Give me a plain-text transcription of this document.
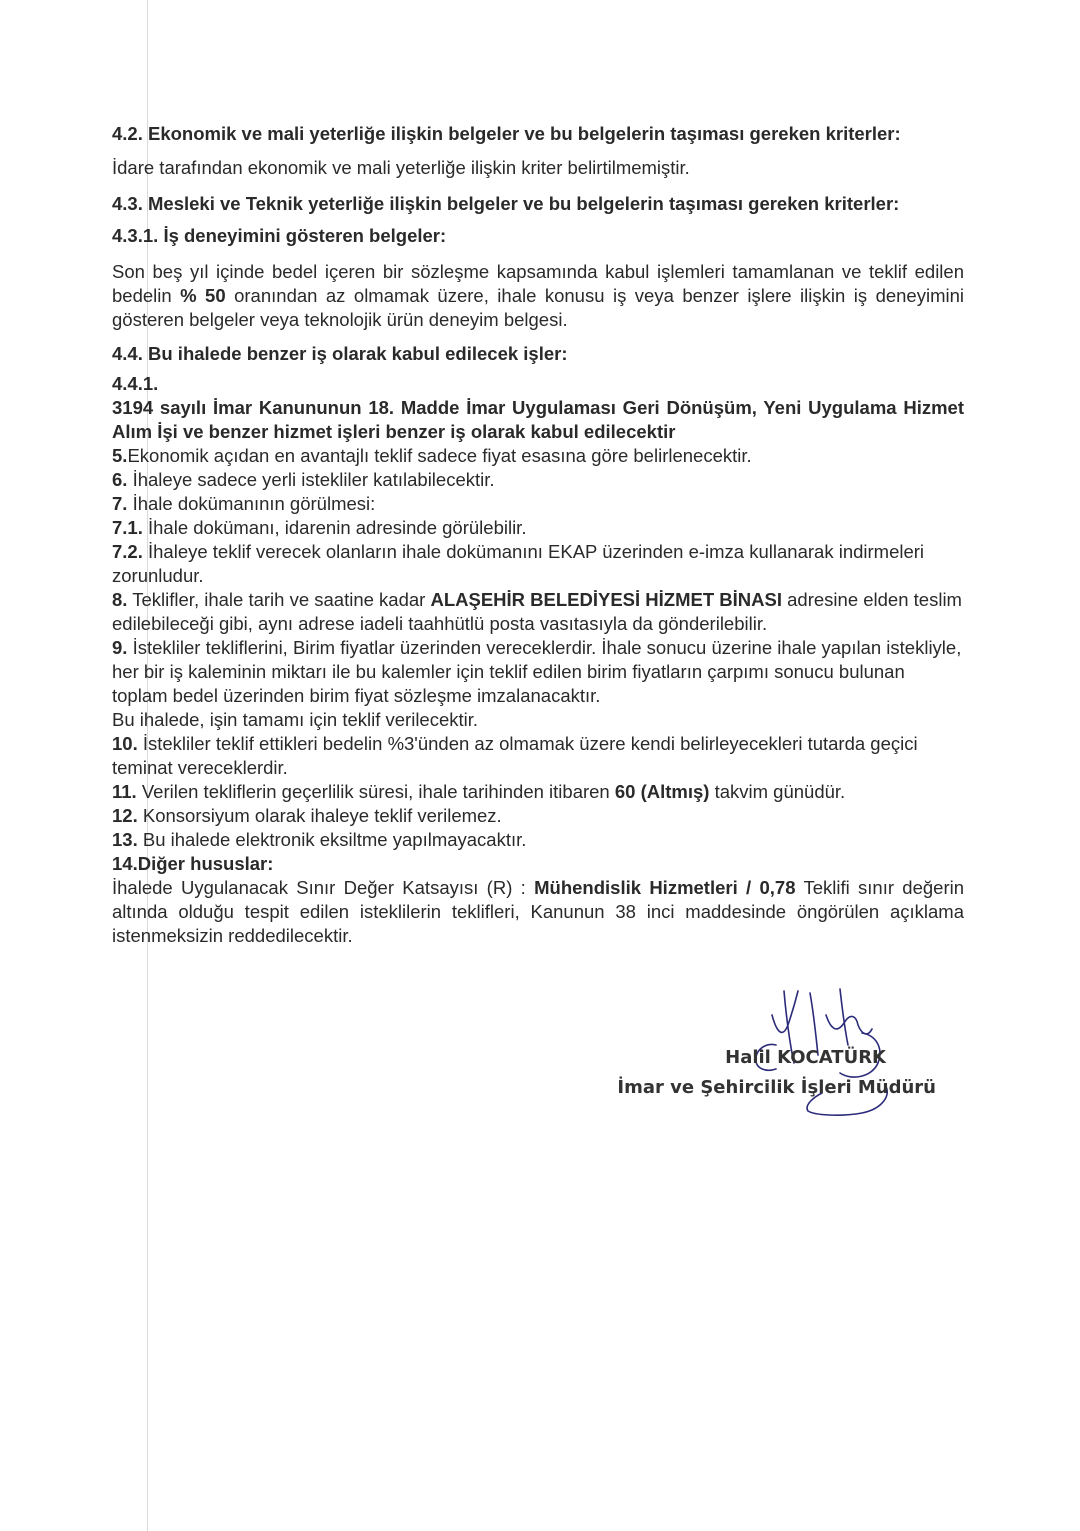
4.2. Ekonomik ve mali yeterliğe ilişkin belgeler ve bu belgelerin taşıması gereken kriterler:

İdare tarafından ekonomik ve mali yeterliğe ilişkin kriter belirtilmemiştir.

4.3. Mesleki ve Teknik yeterliğe ilişkin belgeler ve bu belgelerin taşıması gereken kriterler:

4.3.1. İş deneyimini gösteren belgeler:

Son beş yıl içinde bedel içeren bir sözleşme kapsamında kabul işlemleri tamamlanan ve teklif edilen bedelin % 50 oranından az olmamak üzere, ihale konusu iş veya benzer işlere ilişkin iş deneyimini gösteren belgeler veya teknolojik ürün deneyim belgesi.

4.4. Bu ihalede benzer iş olarak kabul edilecek işler:

4.4.1.

3194 sayılı İmar Kanununun 18. Madde İmar Uygulaması Geri Dönüşüm, Yeni Uygulama Hizmet Alım İşi ve benzer hizmet işleri benzer iş olarak kabul edilecektir

5.Ekonomik açıdan en avantajlı teklif sadece fiyat esasına göre belirlenecektir.

6. İhaleye sadece yerli istekliler katılabilecektir.

7. İhale dokümanının görülmesi:

7.1. İhale dokümanı, idarenin adresinde görülebilir.

7.2. İhaleye teklif verecek olanların ihale dokümanını EKAP üzerinden e-imza kullanarak indirmeleri zorunludur.

8. Teklifler, ihale tarih ve saatine kadar ALAŞEHİR BELEDİYESİ HİZMET BİNASI adresine elden teslim edilebileceği gibi, aynı adrese iadeli taahhütlü posta vasıtasıyla da gönderilebilir.

9. İstekliler tekliflerini, Birim fiyatlar üzerinden vereceklerdir. İhale sonucu üzerine ihale yapılan istekliyle, her bir iş kaleminin miktarı ile bu kalemler için teklif edilen birim fiyatların çarpımı sonucu bulunan toplam bedel üzerinden birim fiyat sözleşme imzalanacaktır.

Bu ihalede, işin tamamı için teklif verilecektir.

10. İstekliler teklif ettikleri bedelin %3'ünden az olmamak üzere kendi belirleyecekleri tutarda geçici teminat vereceklerdir.

11. Verilen tekliflerin geçerlilik süresi, ihale tarihinden itibaren 60 (Altmış) takvim günüdür.

12. Konsorsiyum olarak ihaleye teklif verilemez.

13. Bu ihalede elektronik eksiltme yapılmayacaktır.

14.Diğer hususlar:

İhalede Uygulanacak Sınır Değer Katsayısı (R) : Mühendislik Hizmetleri / 0,78 Teklifi sınır değerin altında olduğu tespit edilen isteklilerin teklifleri, Kanunun 38 inci maddesinde öngörülen açıklama istenmeksizin reddedilecektir.

Halil KOCATÜRK
İmar ve Şehircilik İşleri Müdürü
